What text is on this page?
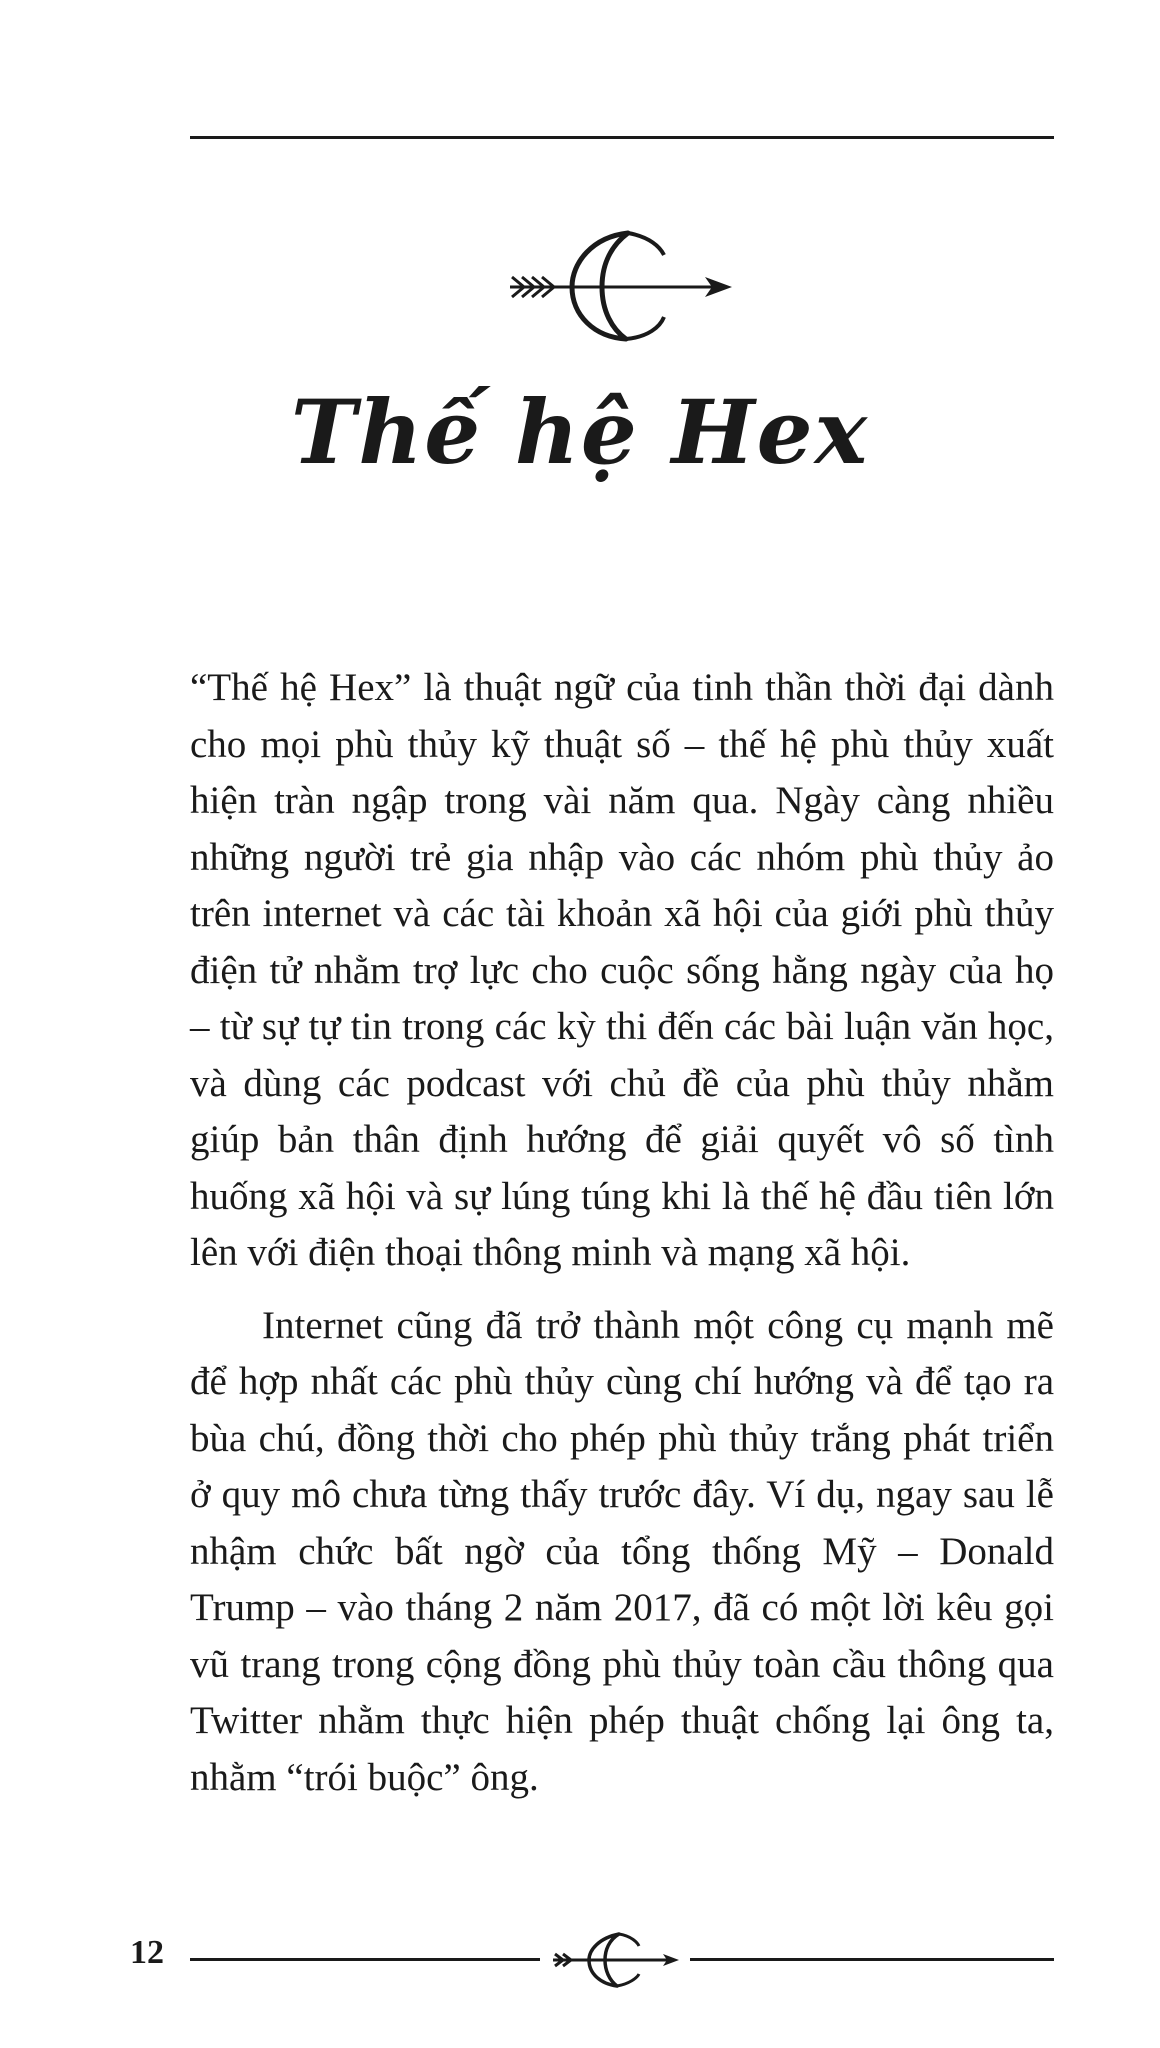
Thế hệ Hex

“Thế hệ Hex” là thuật ngữ của tinh thần thời đại dành cho mọi phù thủy kỹ thuật số – thế hệ phù thủy xuất hiện tràn ngập trong vài năm qua. Ngày càng nhiều những người trẻ gia nhập vào các nhóm phù thủy ảo trên internet và các tài khoản xã hội của giới phù thủy điện tử nhằm trợ lực cho cuộc sống hằng ngày của họ – từ sự tự tin trong các kỳ thi đến các bài luận văn học, và dùng các podcast với chủ đề của phù thủy nhằm giúp bản thân định hướng để giải quyết vô số tình huống xã hội và sự lúng túng khi là thế hệ đầu tiên lớn lên với điện thoại thông minh và mạng xã hội.

Internet cũng đã trở thành một công cụ mạnh mẽ để hợp nhất các phù thủy cùng chí hướng và để tạo ra bùa chú, đồng thời cho phép phù thủy trắng phát triển ở quy mô chưa từng thấy trước đây. Ví dụ, ngay sau lễ nhậm chức bất ngờ của tổng thống Mỹ – Donald Trump – vào tháng 2 năm 2017, đã có một lời kêu gọi vũ trang trong cộng đồng phù thủy toàn cầu thông qua Twitter nhằm thực hiện phép thuật chống lại ông ta, nhằm “trói buộc” ông.

12
